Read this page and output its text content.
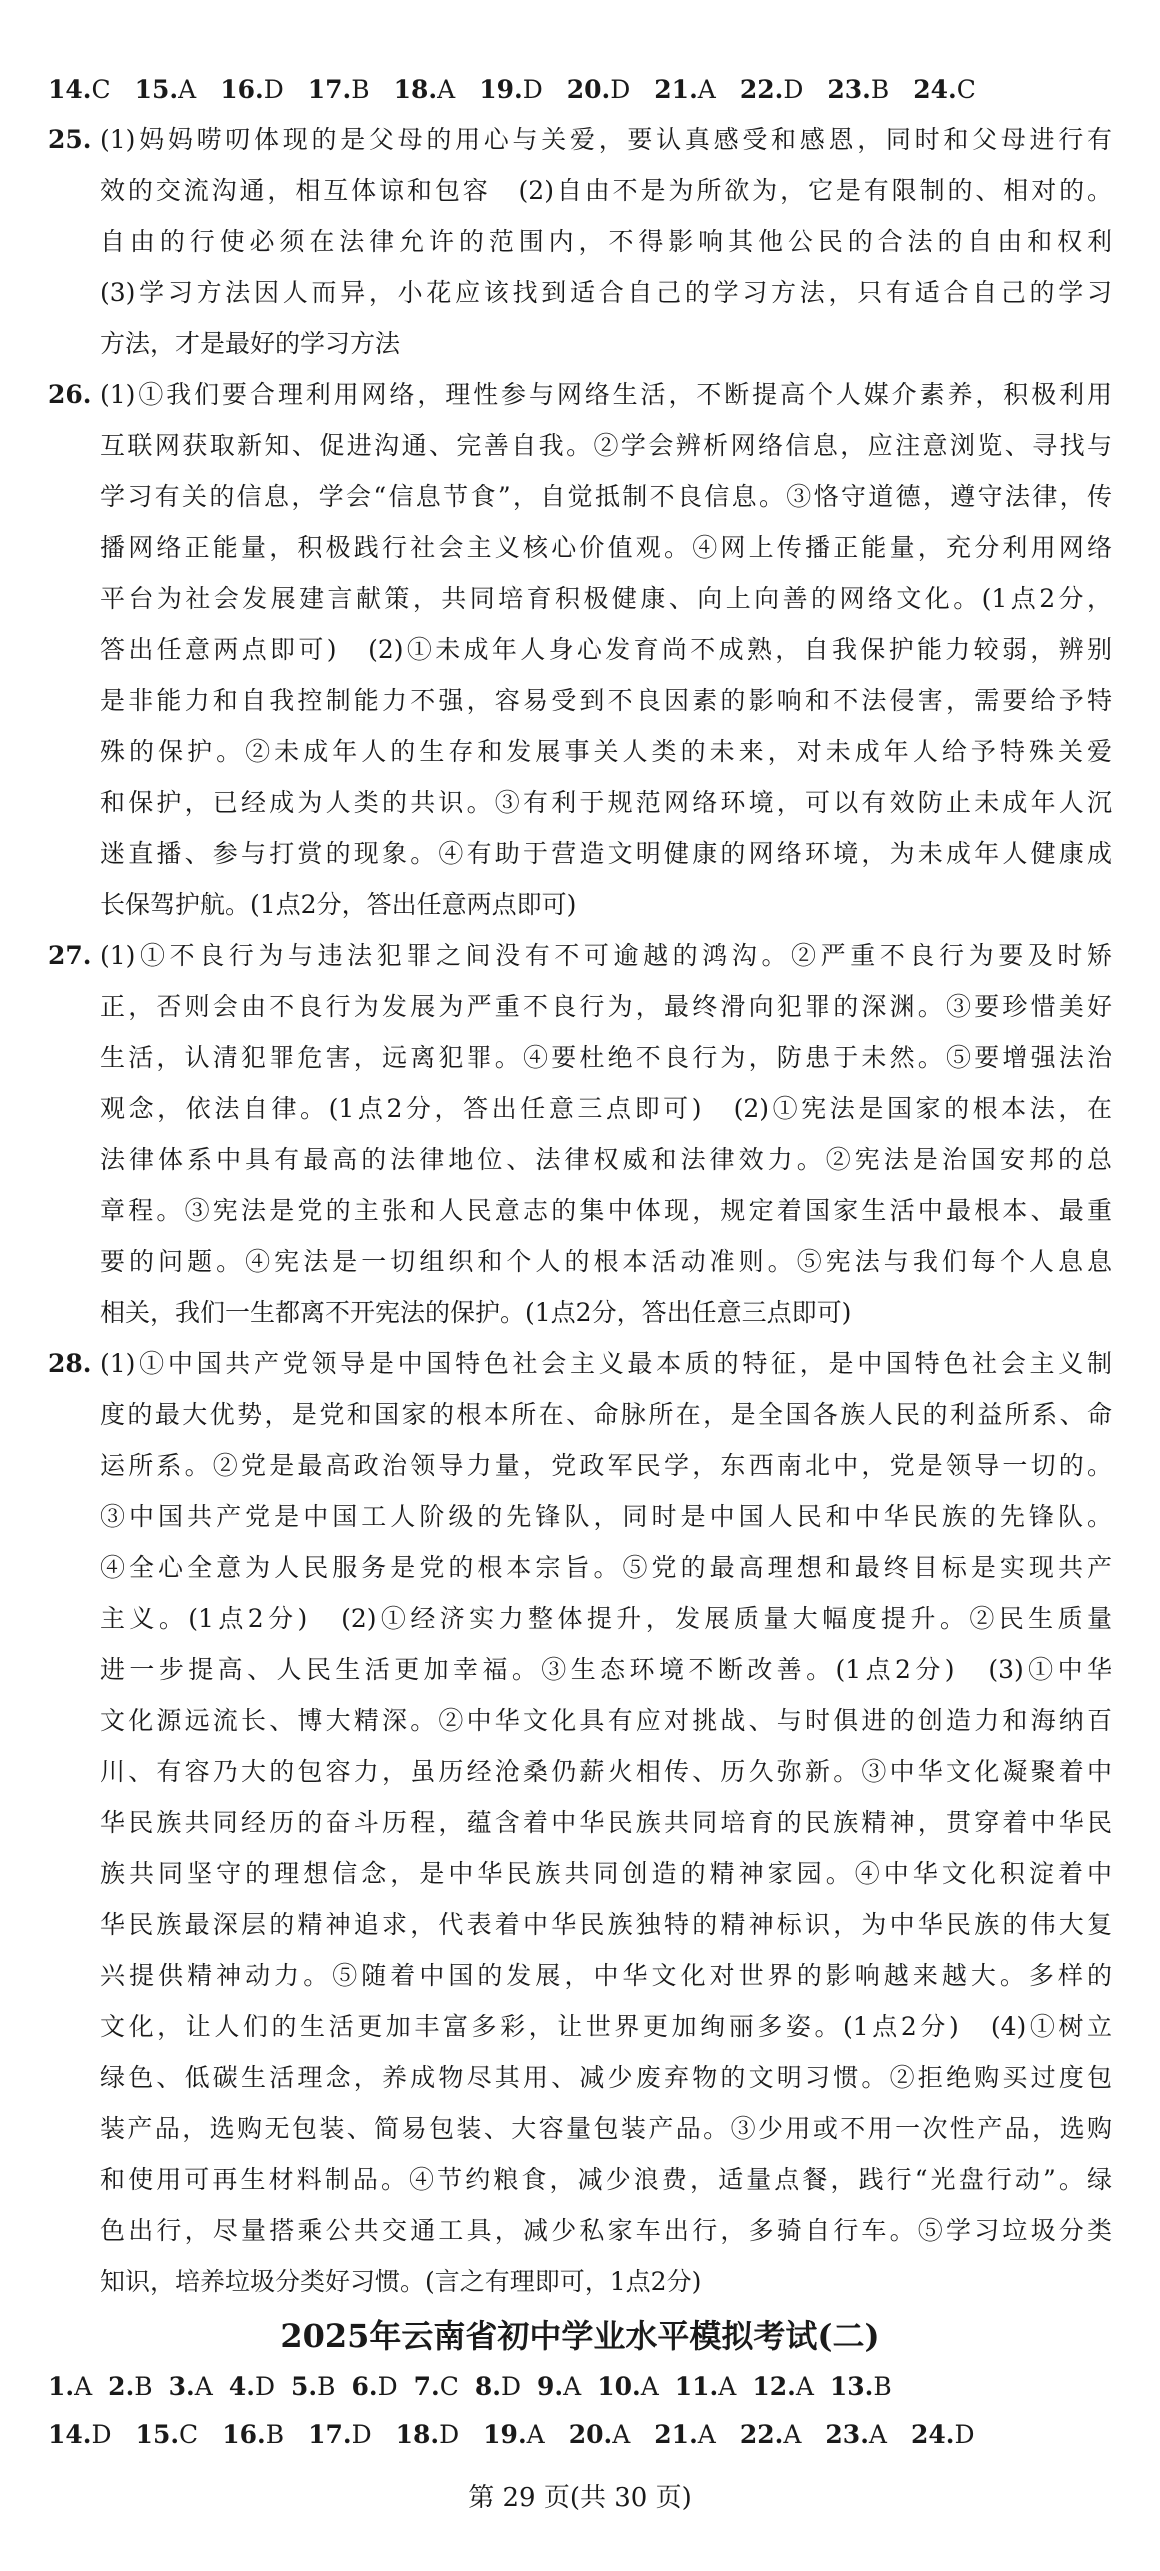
14.C 15.A 16.D 17.B 18.A 19.D 20.D 21.A 22.D 23.B 24.C
25. (1)妈妈唠叨体现的是父母的用心与关爱，要认真感受和感恩，同时和父母进行有
效的交流沟通，相互体谅和包容　(2)自由不是为所欲为，它是有限制的、相对的。
自由的行使必须在法律允许的范围内，不得影响其他公民的合法的自由和权利
(3)学习方法因人而异，小花应该找到适合自己的学习方法，只有适合自己的学习
方法，才是最好的学习方法
26. (1)①我们要合理利用网络，理性参与网络生活，不断提高个人媒介素养，积极利用
互联网获取新知、促进沟通、完善自我。②学会辨析网络信息，应注意浏览、寻找与
学习有关的信息，学会“信息节食”，自觉抵制不良信息。③恪守道德，遵守法律，传
播网络正能量，积极践行社会主义核心价值观。④网上传播正能量，充分利用网络
平台为社会发展建言献策，共同培育积极健康、向上向善的网络文化。(1点2分，
答出任意两点即可)　(2)①未成年人身心发育尚不成熟，自我保护能力较弱，辨别
是非能力和自我控制能力不强，容易受到不良因素的影响和不法侵害，需要给予特
殊的保护。②未成年人的生存和发展事关人类的未来，对未成年人给予特殊关爱
和保护，已经成为人类的共识。③有利于规范网络环境，可以有效防止未成年人沉
迷直播、参与打赏的现象。④有助于营造文明健康的网络环境，为未成年人健康成
长保驾护航。(1点2分，答出任意两点即可)
27. (1)①不良行为与违法犯罪之间没有不可逾越的鸿沟。②严重不良行为要及时矫
正，否则会由不良行为发展为严重不良行为，最终滑向犯罪的深渊。③要珍惜美好
生活，认清犯罪危害，远离犯罪。④要杜绝不良行为，防患于未然。⑤要增强法治
观念，依法自律。(1点2分，答出任意三点即可)　(2)①宪法是国家的根本法，在
法律体系中具有最高的法律地位、法律权威和法律效力。②宪法是治国安邦的总
章程。③宪法是党的主张和人民意志的集中体现，规定着国家生活中最根本、最重
要的问题。④宪法是一切组织和个人的根本活动准则。⑤宪法与我们每个人息息
相关，我们一生都离不开宪法的保护。(1点2分，答出任意三点即可)
28. (1)①中国共产党领导是中国特色社会主义最本质的特征，是中国特色社会主义制
度的最大优势，是党和国家的根本所在、命脉所在，是全国各族人民的利益所系、命
运所系。②党是最高政治领导力量，党政军民学，东西南北中，党是领导一切的。
③中国共产党是中国工人阶级的先锋队，同时是中国人民和中华民族的先锋队。
④全心全意为人民服务是党的根本宗旨。⑤党的最高理想和最终目标是实现共产
主义。(1点2分)　(2)①经济实力整体提升，发展质量大幅度提升。②民生质量
进一步提高、人民生活更加幸福。③生态环境不断改善。(1点2分)　(3)①中华
文化源远流长、博大精深。②中华文化具有应对挑战、与时俱进的创造力和海纳百
川、有容乃大的包容力，虽历经沧桑仍薪火相传、历久弥新。③中华文化凝聚着中
华民族共同经历的奋斗历程，蕴含着中华民族共同培育的民族精神，贯穿着中华民
族共同坚守的理想信念，是中华民族共同创造的精神家园。④中华文化积淀着中
华民族最深层的精神追求，代表着中华民族独特的精神标识，为中华民族的伟大复
兴提供精神动力。⑤随着中国的发展，中华文化对世界的影响越来越大。多样的
文化，让人们的生活更加丰富多彩，让世界更加绚丽多姿。(1点2分)　(4)①树立
绿色、低碳生活理念，养成物尽其用、减少废弃物的文明习惯。②拒绝购买过度包
装产品，选购无包装、简易包装、大容量包装产品。③少用或不用一次性产品，选购
和使用可再生材料制品。④节约粮食，减少浪费，适量点餐，践行“光盘行动”。绿
色出行，尽量搭乘公共交通工具，减少私家车出行，多骑自行车。⑤学习垃圾分类
知识，培养垃圾分类好习惯。(言之有理即可，1点2分)
2025年云南省初中学业水平模拟考试(二)
1.A 2.B 3.A 4.D 5.B 6.D 7.C 8.D 9.A 10.A 11.A 12.A 13.B
14.D 15.C 16.B 17.D 18.D 19.A 20.A 21.A 22.A 23.A 24.D
第 29 页(共 30 页)
